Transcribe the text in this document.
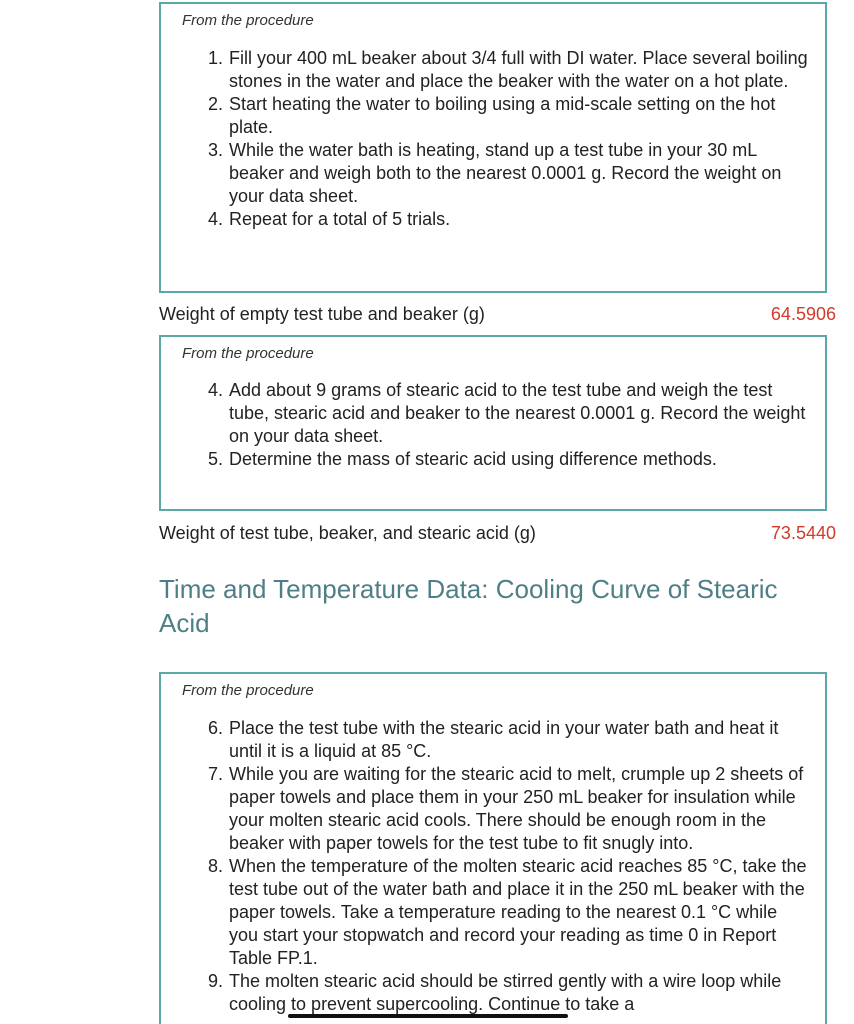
From the procedure
1. Fill your 400 mL beaker about 3/4 full with DI water. Place several boiling stones in the water and place the beaker with the water on a hot plate.
2. Start heating the water to boiling using a mid-scale setting on the hot plate.
3. While the water bath is heating, stand up a test tube in your 30 mL beaker and weigh both to the nearest 0.0001 g. Record the weight on your data sheet.
4. Repeat for a total of 5 trials.
Weight of empty test tube and beaker (g)	64.5906
From the procedure
4. Add about 9 grams of stearic acid to the test tube and weigh the test tube, stearic acid and beaker to the nearest 0.0001 g. Record the weight on your data sheet.
5. Determine the mass of stearic acid using difference methods.
Weight of test tube, beaker, and stearic acid (g)	73.5440
Time and Temperature Data: Cooling Curve of Stearic Acid
From the procedure
6. Place the test tube with the stearic acid in your water bath and heat it until it is a liquid at 85 °C.
7. While you are waiting for the stearic acid to melt, crumple up 2 sheets of paper towels and place them in your 250 mL beaker for insulation while your molten stearic acid cools. There should be enough room in the beaker with paper towels for the test tube to fit snugly into.
8. When the temperature of the molten stearic acid reaches 85 °C, take the test tube out of the water bath and place it in the 250 mL beaker with the paper towels. Take a temperature reading to the nearest 0.1 °C while you start your stopwatch and record your reading as time 0 in Report Table FP.1.
9. The molten stearic acid should be stirred gently with a wire loop while cooling to prevent supercooling. Continue to take a
